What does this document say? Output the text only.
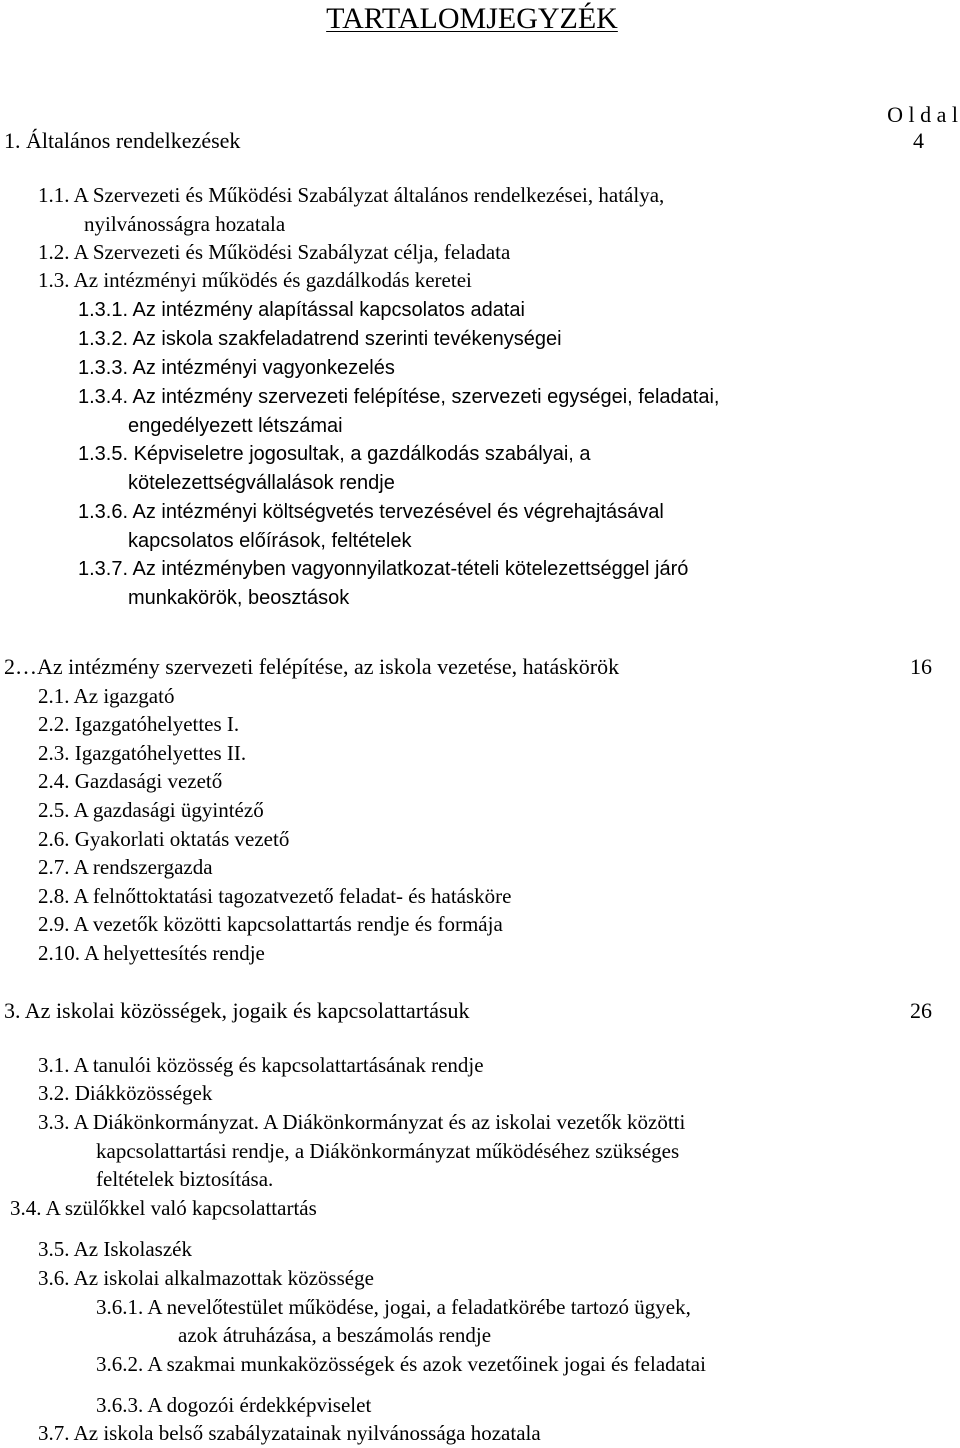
TARTALOMJEGYZÉK
O l d a l
1. Általános rendelkezések	4
1.1. A Szervezeti és Működési Szabályzat általános rendelkezései, hatálya,
nyilvánosságra hozatala
1.2. A Szervezeti és Működési Szabályzat célja, feladata
1.3. Az intézményi működés és gazdálkodás keretei
1.3.1. Az intézmény alapítással kapcsolatos adatai
1.3.2. Az iskola szakfeladatrend szerinti tevékenységei
1.3.3. Az intézményi vagyonkezelés
1.3.4. Az intézmény szervezeti felépítése, szervezeti egységei, feladatai,
engedélyezett létszámai
1.3.5. Képviseletre jogosultak, a gazdálkodás szabályai, a
kötelezettségvállalások rendje
1.3.6. Az intézményi költségvetés tervezésével és végrehajtásával
kapcsolatos előírások, feltételek
1.3.7. Az intézményben vagyonnyilatkozat-tételi kötelezettséggel járó
munkakörök, beosztások
2…Az intézmény szervezeti felépítése, az iskola vezetése, hatáskörök	16
2.1. Az igazgató
2.2. Igazgatóhelyettes I.
2.3. Igazgatóhelyettes II.
2.4. Gazdasági vezető
2.5. A gazdasági ügyintéző
2.6. Gyakorlati oktatás vezető
2.7. A rendszergazda
2.8. A felnőttoktatási tagozatvezető feladat- és hatásköre
2.9. A vezetők közötti kapcsolattartás rendje és formája
2.10. A helyettesítés rendje
3. Az iskolai közösségek, jogaik és kapcsolattartásuk	26
3.1. A tanulói közösség és kapcsolattartásának rendje
3.2. Diákközösségek
3.3. A Diákönkormányzat. A Diákönkormányzat és az iskolai vezetők közötti
kapcsolattartási rendje, a Diákönkormányzat működéséhez szükséges
feltételek biztosítása.
3.4. A szülőkkel való kapcsolattartás
3.5. Az Iskolaszék
3.6. Az iskolai alkalmazottak közössége
3.6.1. A nevelőtestület működése, jogai, a feladatkörébe tartozó ügyek,
azok átruházása, a beszámolás rendje
3.6.2. A szakmai munkaközösségek és azok vezetőinek jogai és feladatai
3.6.3. A dogozói érdekképviselet
3.7. Az iskola belső szabályzatainak nyilvánossága hozatala
